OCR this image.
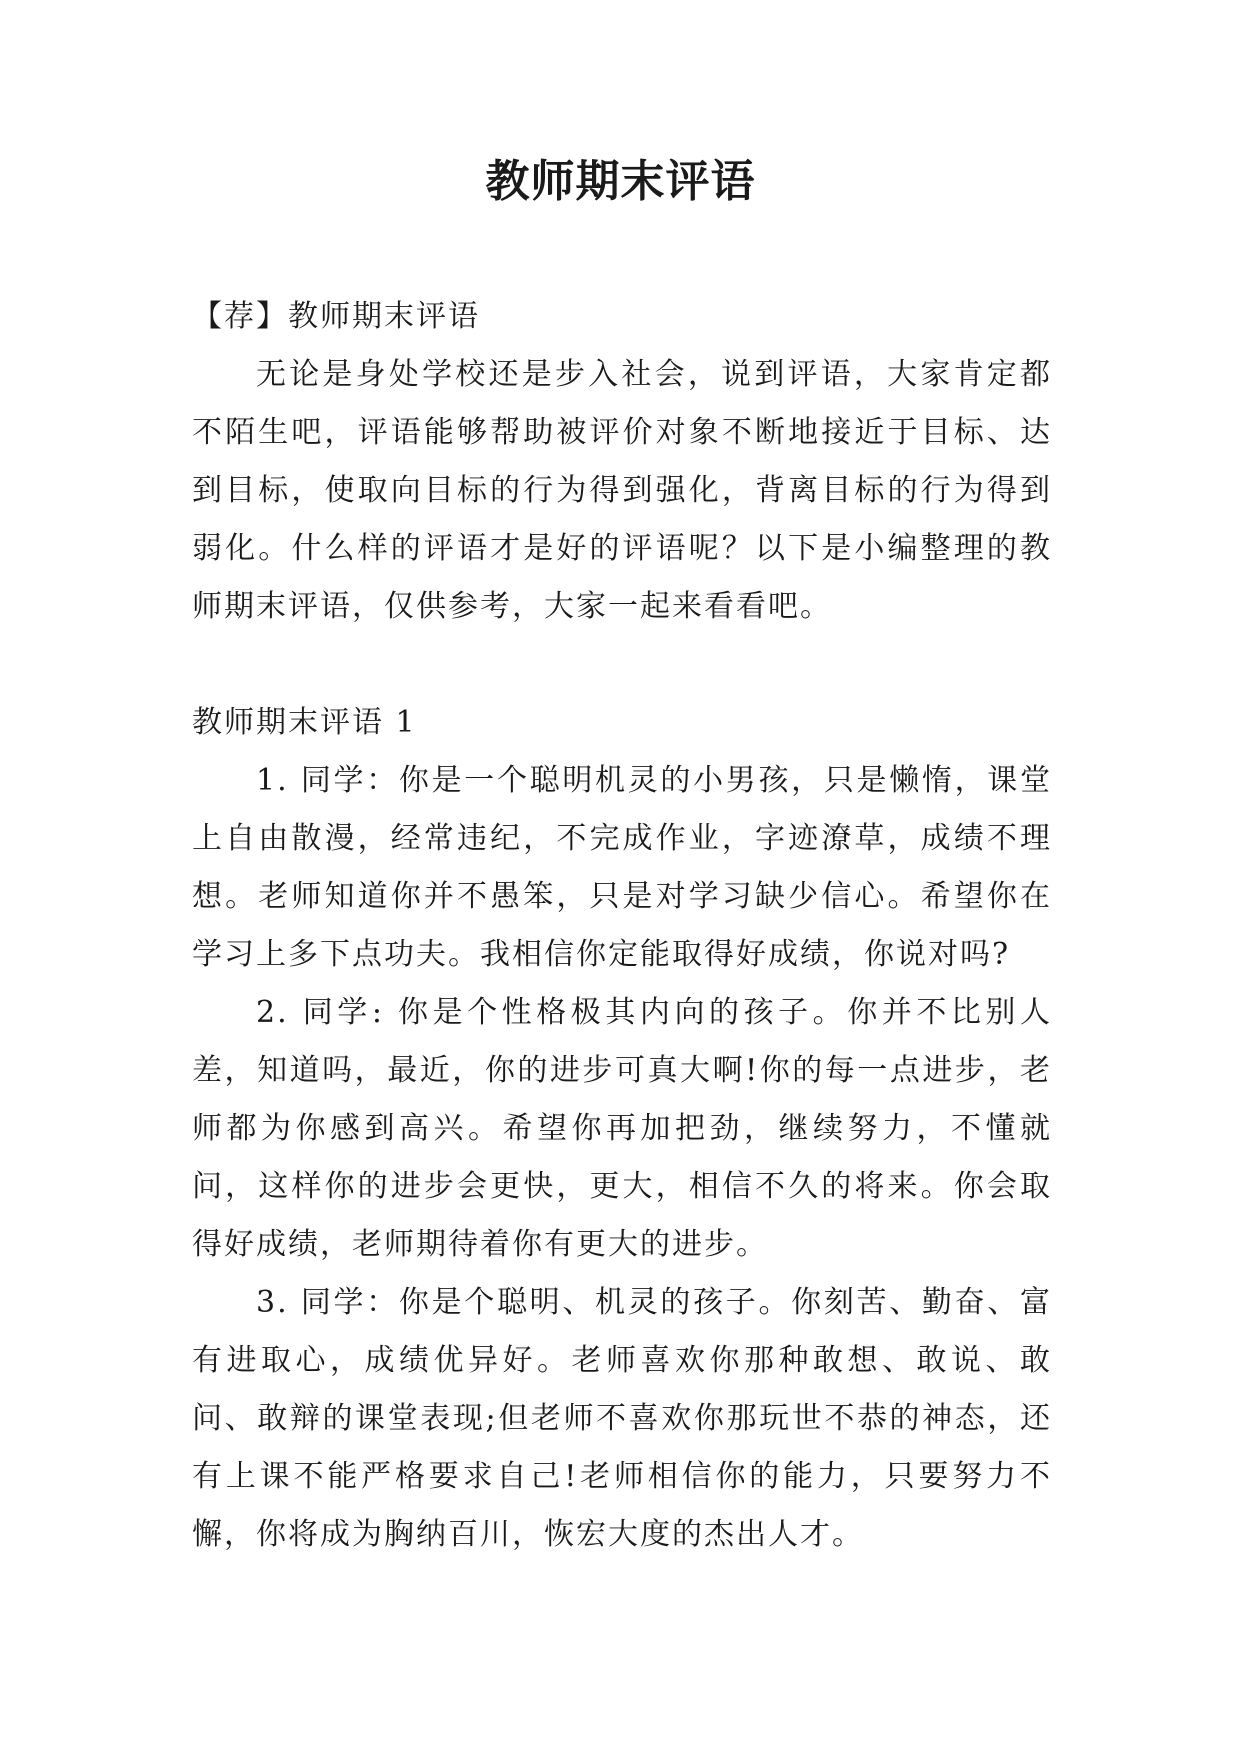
教师期末评语

【荐】教师期末评语

无论是身处学校还是步入社会，说到评语，大家肯定都不陌生吧，评语能够帮助被评价对象不断地接近于目标、达到目标，使取向目标的行为得到强化，背离目标的行为得到弱化。什么样的评语才是好的评语呢？以下是小编整理的教师期末评语，仅供参考，大家一起来看看吧。

教师期末评语 1

1. 同学：你是一个聪明机灵的小男孩，只是懒惰，课堂上自由散漫，经常违纪，不完成作业，字迹潦草，成绩不理想。老师知道你并不愚笨，只是对学习缺少信心。希望你在学习上多下点功夫。我相信你定能取得好成绩，你说对吗?

2. 同学: 你是个性格极其内向的孩子。你并不比别人差，知道吗，最近，你的进步可真大啊!你的每一点进步，老师都为你感到高兴。希望你再加把劲，继续努力，不懂就问，这样你的进步会更快，更大，相信不久的将来。你会取得好成绩，老师期待着你有更大的进步。

3. 同学：你是个聪明、机灵的孩子。你刻苦、勤奋、富有进取心，成绩优异好。老师喜欢你那种敢想、敢说、敢问、敢辩的课堂表现;但老师不喜欢你那玩世不恭的神态，还有上课不能严格要求自己!老师相信你的能力，只要努力不懈，你将成为胸纳百川，恢宏大度的杰出人才。
